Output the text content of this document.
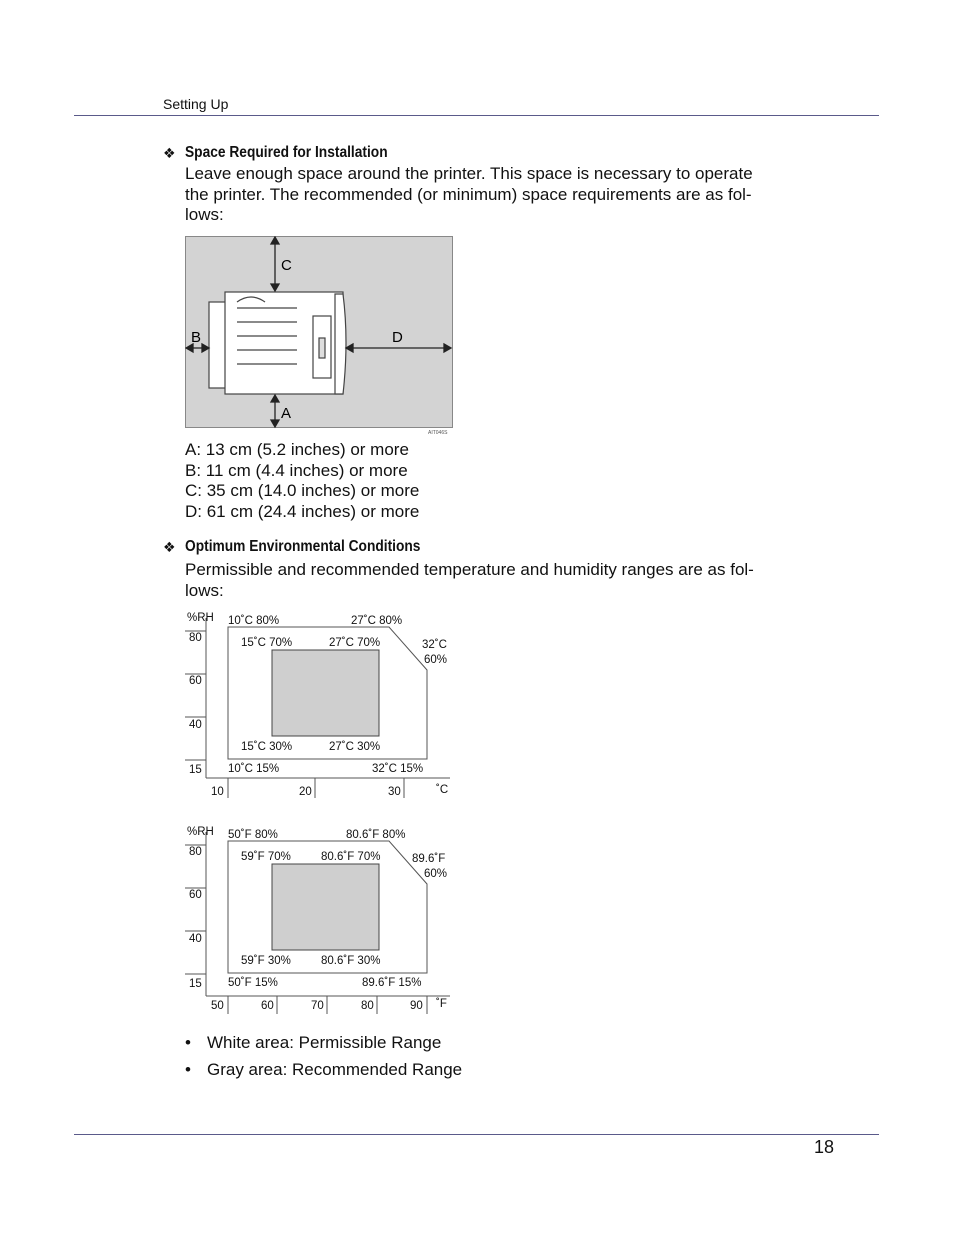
Setting Up
❖ Space Required for Installation
Leave enough space around the printer. This space is necessary to operate
the printer. The recommended (or minimum) space requirements are as fol-
lows:
C
A
B	D
AIT046S
A: 13 cm (5.2 inches) or more
B: 11 cm (4.4 inches) or more
C: 35 cm (14.0 inches) or more
D: 61 cm (24.4 inches) or more
❖ Optimum Environmental Conditions
Permissible and recommended temperature and humidity ranges are as fol-
lows:
%RH
80
60
40
15
10	20	30	˚C
10˚C 80%	27˚C 80%
32˚C
60%
10˚C 15%	32˚C 15%
15˚C 70%	27˚C 70%
15˚C 30%	27˚C 30%
%RH
80
60
40
15
50	60	70	80	90 ˚F
50˚F 80%	80.6˚F 80%
89.6˚F
60%
50˚F 15%	89.6˚F 15%
59˚F 70%	80.6˚F 70%
59˚F 30%	80.6˚F 30%
• White area: Permissible Range
• Gray area: Recommended Range
18
